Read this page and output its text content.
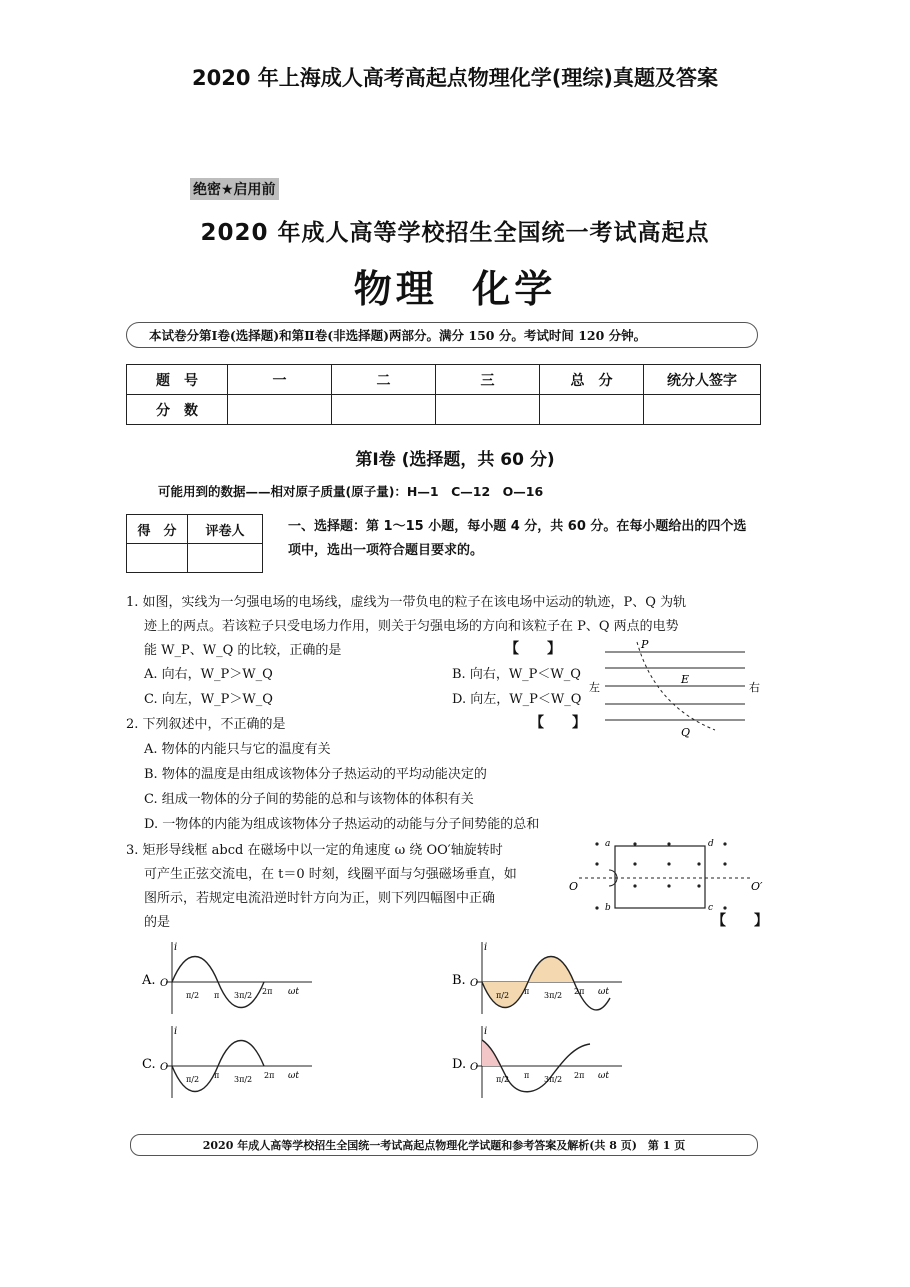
2020 年上海成人高考高起点物理化学(理综)真题及答案
绝密★启用前
2020 年成人高等学校招生全国统一考试高起点
物理  化学
本试卷分第Ⅰ卷(选择题)和第Ⅱ卷(非选择题)两部分。满分 150 分。考试时间 120 分钟。
题　号	一	二	三	总　分	统分人签字
分　数					
第Ⅰ卷 (选择题，共 60 分)
可能用到的数据——相对原子质量(原子量)：H—1　C—12　O—16
得　分	评卷人
		一、选择题：第 1～15 小题，每小题 4 分，共 60 分。在每小题给出的四个选项中，选出一项符合题目要求的。
1. 如图，实线为一匀强电场的电场线，虚线为一带负电的粒子在该电场中运动的轨迹，P、Q 为轨
迹上的两点。若该粒子只受电场力作用，则关于匀强电场的方向和该粒子在 P、Q 两点的电势
能 W_P、W_Q 的比较，正确的是	【　　】
A. 向右，W_P＞W_Q	B. 向右，W_P＜W_Q
C. 向左，W_P＞W_Q	D. 向左，W_P＜W_Q
P
E
左	右
Q
2. 下列叙述中，不正确的是	【　　】
A. 物体的内能只与它的温度有关
B. 物体的温度是由组成该物体分子热运动的平均动能决定的
C. 组成一物体的分子间的势能的总和与该物体的体积有关
D. 一物体的内能为组成该物体分子热运动的动能与分子间势能的总和
3. 矩形导线框 abcd 在磁场中以一定的角速度 ω 绕 OO′轴旋转时
可产生正弦交流电，在 t＝0 时刻，线圈平面与匀强磁场垂直，如
图所示，若规定电流沿逆时针方向为正，则下列四幅图中正确
的是	【　　】
a
b	c
d
O	O′
A.
i
O
π/2 π 3π/2 2π ωt
B.
i
O
π/2 π 3π/2 2π ωt
C.
i
O
π/2 π 3π/2 2π ωt
D.
i
O
π/2 π 3π/2 2π ωt
2020 年成人高等学校招生全国统一考试高起点物理化学试题和参考答案及解析(共 8 页)　第 1 页
